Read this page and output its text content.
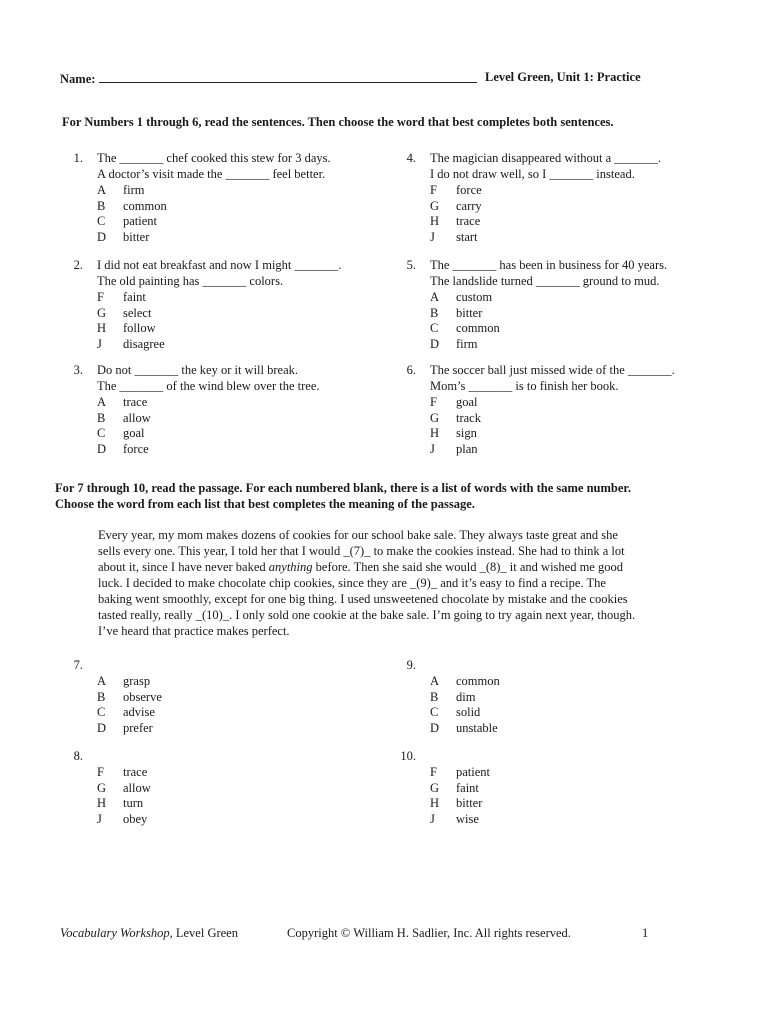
Name:	Level Green, Unit 1: Practice
For Numbers 1 through 6, read the sentences. Then choose the word that best completes both sentences.
1. The _______ chef cooked this stew for 3 days.
A doctor’s visit made the _______ feel better.
A firm
B common
C patient
D bitter
2. I did not eat breakfast and now I might _______.
The old painting has _______ colors.
F faint
G select
H follow
J disagree
3. Do not _______ the key or it will break.
The _______ of the wind blew over the tree.
A trace
B allow
C goal
D force
4. The magician disappeared without a _______.
I do not draw well, so I _______ instead.
F force
G carry
H trace
J start
5. The _______ has been in business for 40 years.
The landslide turned _______ ground to mud.
A custom
B bitter
C common
D firm
6. The soccer ball just missed wide of the _______.
Mom’s _______ is to finish her book.
F goal
G track
H sign
J plan
For 7 through 10, read the passage. For each numbered blank, there is a list of words with the same number.
Choose the word from each list that best completes the meaning of the passage.
Every year, my mom makes dozens of cookies for our school bake sale. They always taste great and she sells every one. This year, I told her that I would _(7)_ to make the cookies instead. She had to think a lot about it, since I have never baked anything before. Then she said she would _(8)_ it and wished me good luck. I decided to make chocolate chip cookies, since they are _(9)_ and it’s easy to find a recipe. The baking went smoothly, except for one big thing. I used unsweetened chocolate by mistake and the cookies tasted really, really _(10)_. I only sold one cookie at the bake sale. I’m going to try again next year, though. I’ve heard that practice makes perfect.
7.
A grasp
B observe
C advise
D prefer
8.
F trace
G allow
H turn
J obey
9.
A common
B dim
C solid
D unstable
10.
F patient
G faint
H bitter
J wise
Vocabulary Workshop, Level Green	Copyright © William H. Sadlier, Inc. All rights reserved.	1
